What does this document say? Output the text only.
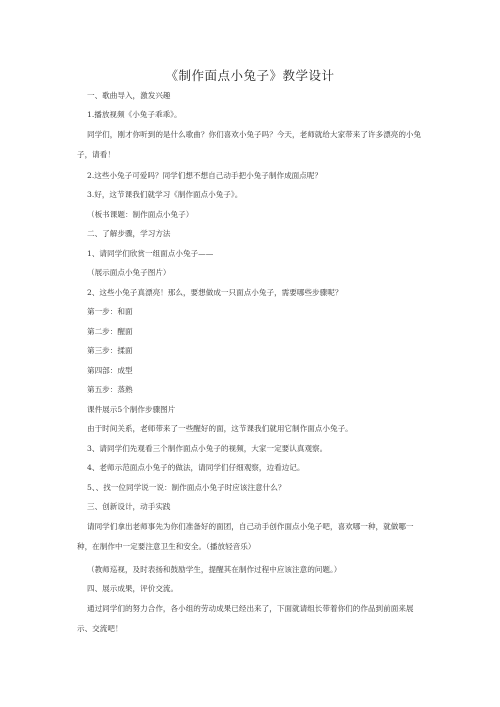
《制作面点小兔子》教学设计
一、歌曲导入，激发兴趣
1.播放视频《小兔子乖乖》。
同学们，刚才你听到的是什么歌曲？你们喜欢小兔子吗？今天，老师就给大家带来了许多漂亮的小兔子，请看！
2.这些小兔子可爱吗？同学们想不想自己动手把小兔子制作成面点呢？
3.好，这节课我们就学习《制作面点小兔子》。
（板书课题：制作面点小兔子）
二、了解步骤，学习方法
1、请同学们欣赏一组面点小兔子——
（展示面点小兔子图片）
2、这些小兔子真漂亮！那么，要想做成一只面点小兔子，需要哪些步骤呢？
第一步：和面
第二步：醒面
第三步：揉面
第四部：成型
第五步：蒸熟
课件展示5个制作步骤图片
由于时间关系，老师带来了一些醒好的面，这节课我们就用它制作面点小兔子。
3、请同学们先观看三个制作面点小兔子的视频，大家一定要认真观察。
4、老师示范面点小兔子的做法，请同学们仔细观察，边看边记。
5、、找一位同学说一说：制作面点小兔子时应该注意什么？
三、创新设计，动手实践
请同学们拿出老师事先为你们准备好的面团，自己动手创作面点小兔子吧，喜欢哪一种，就做哪一种，在制作中一定要注意卫生和安全。（播放轻音乐）
（教师巡视，及时表扬和鼓励学生，提醒其在制作过程中应该注意的问题。）
四、展示成果，评价交流。
通过同学们的努力合作，各小组的劳动成果已经出来了，下面就请组长带着你们的作品到前面来展示、交流吧！
